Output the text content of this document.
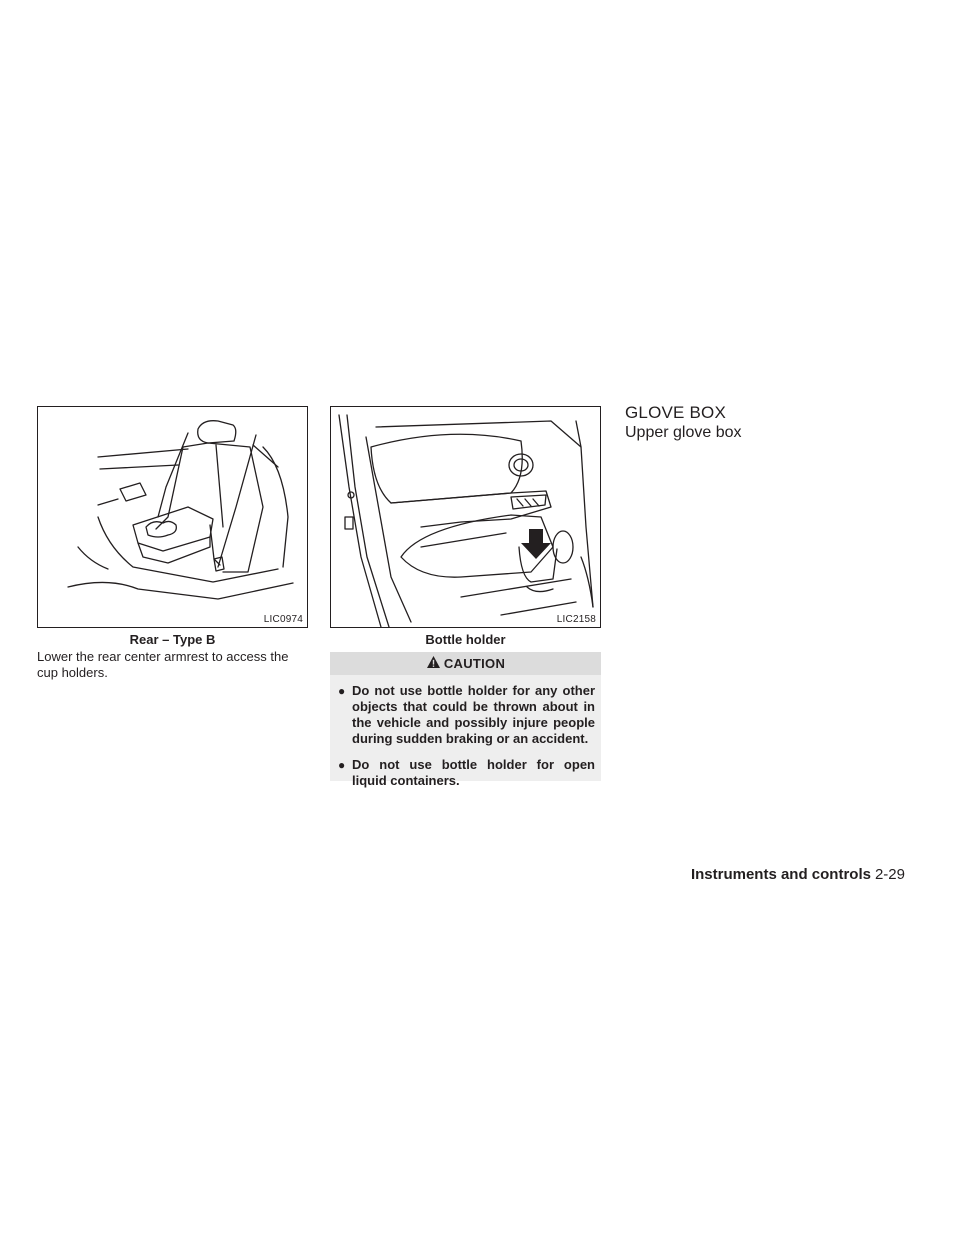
LIC0974
Rear – Type B

Lower the rear center armrest to access the cup holders.

LIC2158
Bottle holder
CAUTION
● Do not use bottle holder for any other objects that could be thrown about in the vehicle and possibly injure people during sudden braking or an accident.
● Do not use bottle holder for open liquid containers.
GLOVE BOX
Upper glove box
Instruments and controls 2-29
